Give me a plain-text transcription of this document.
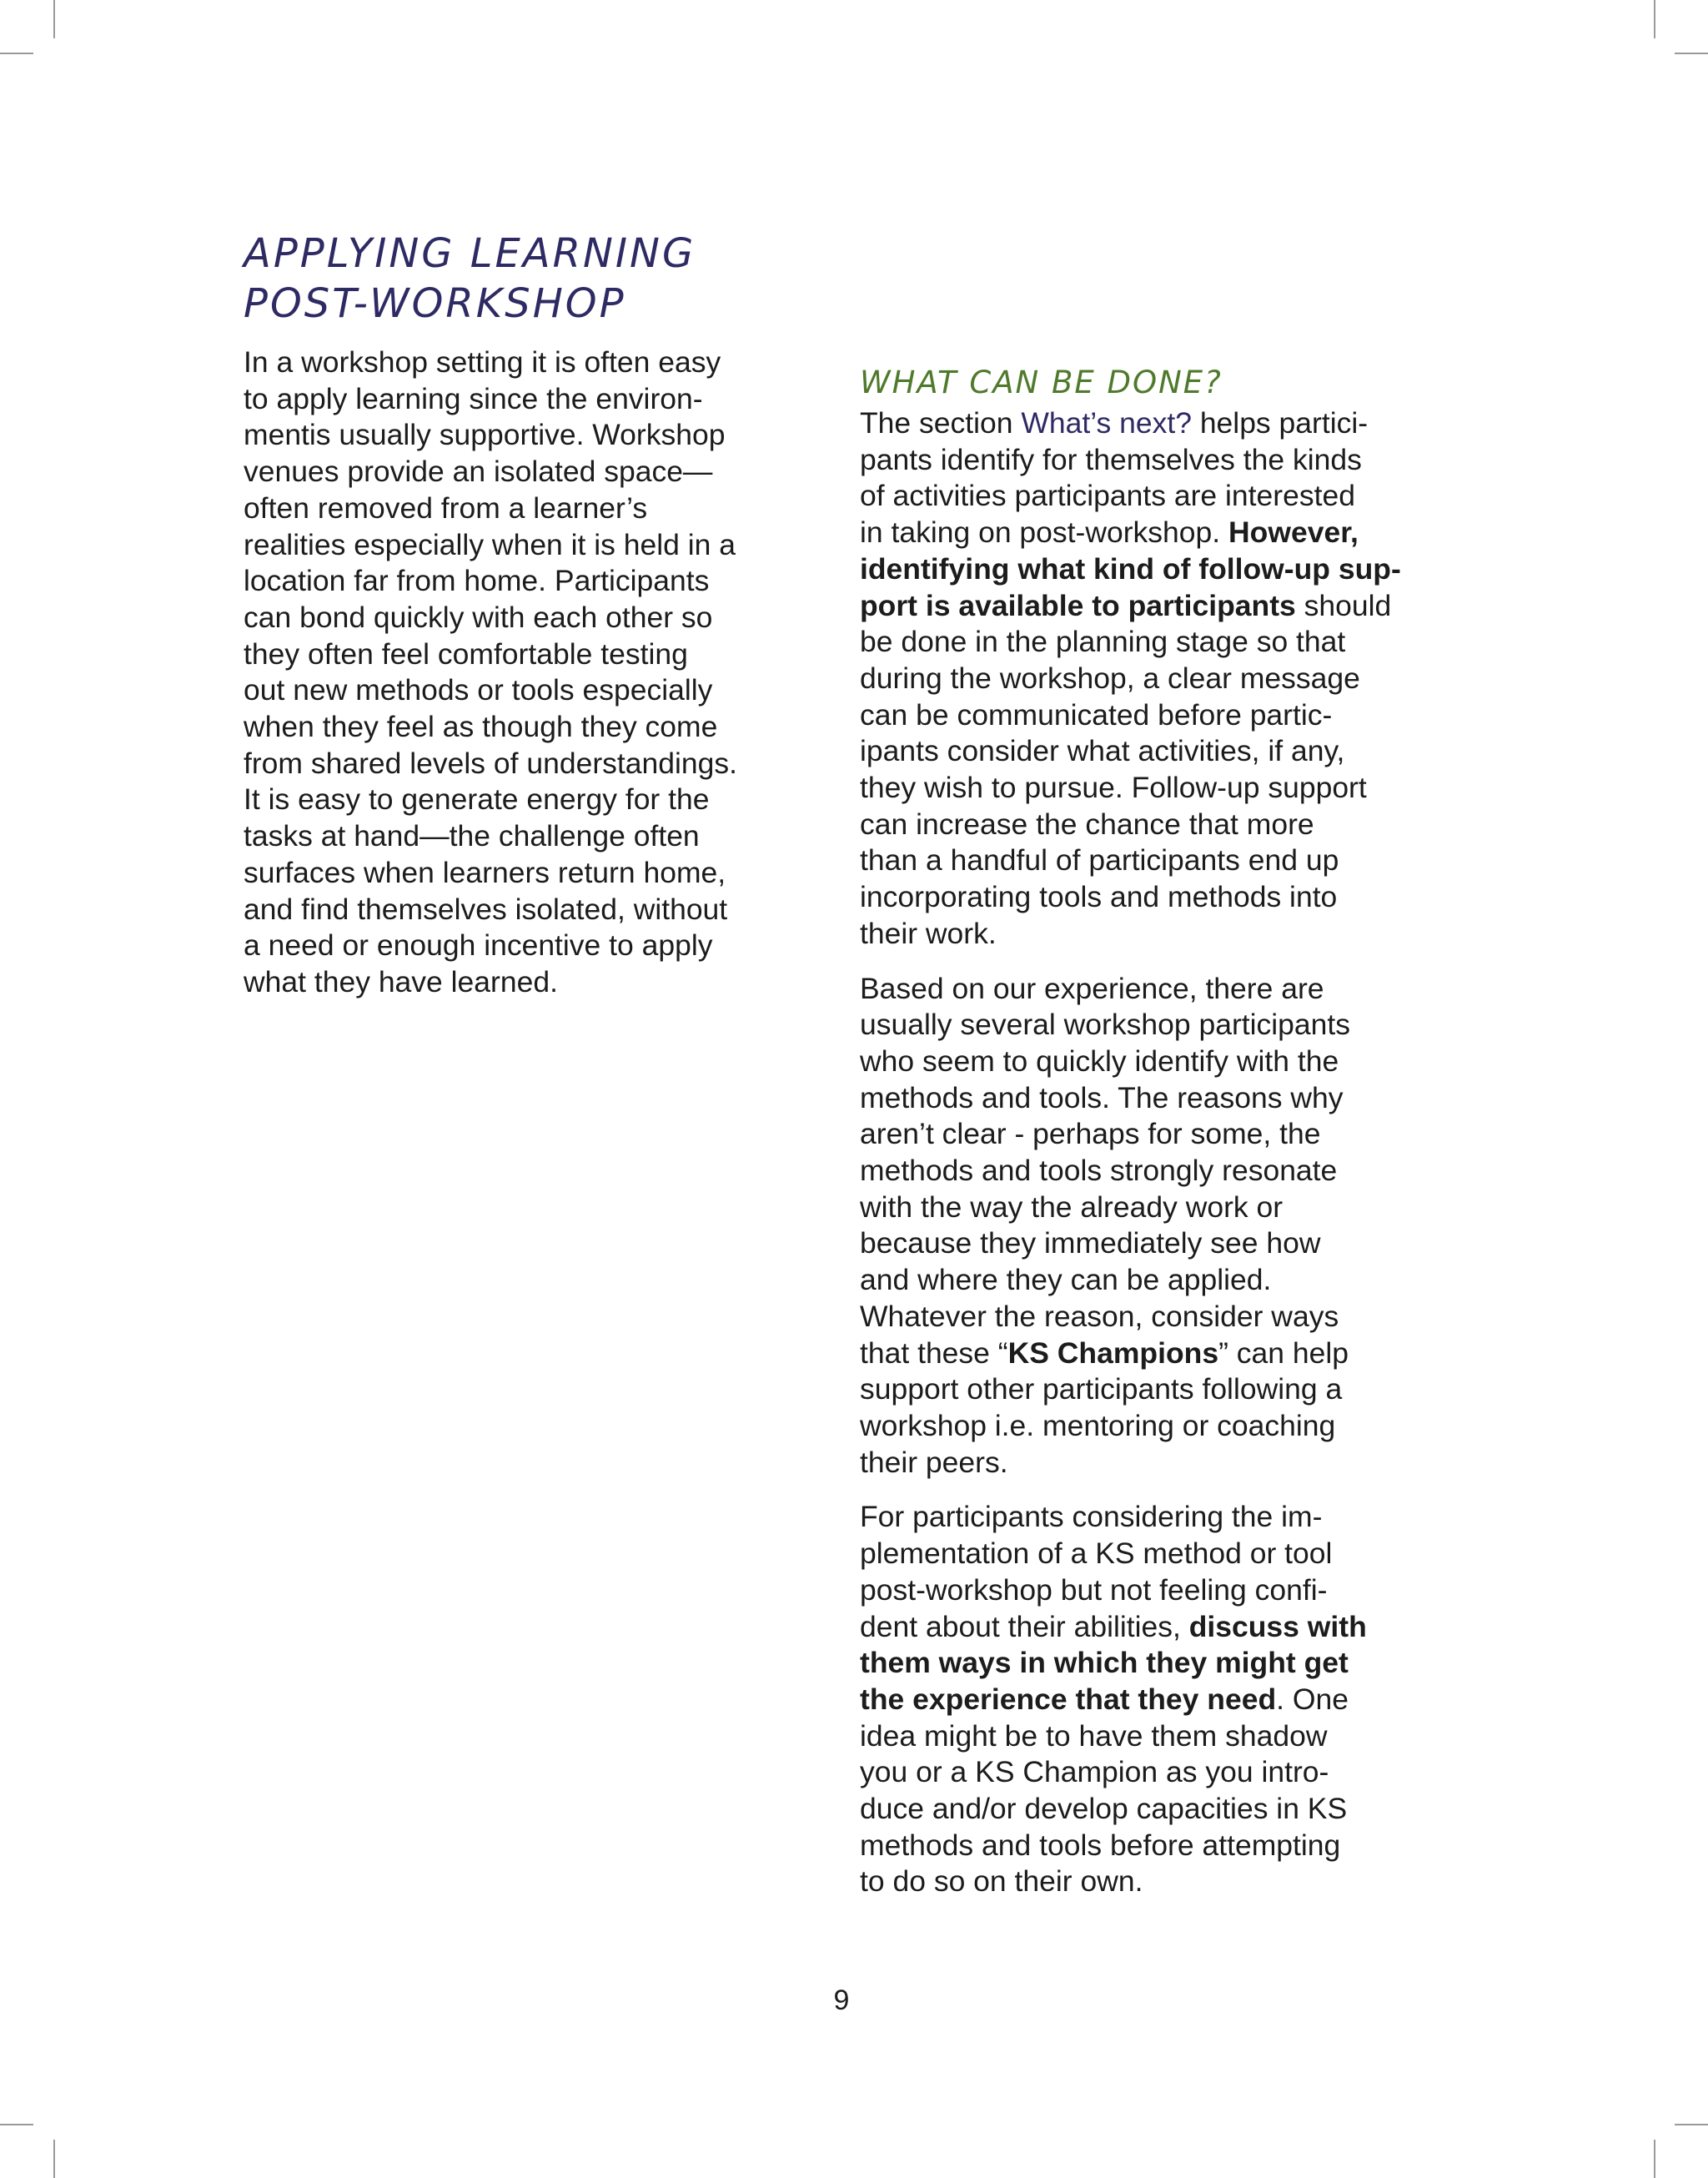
APPLYING LEARNING
POST-WORKSHOP

In a workshop setting it is often easy
to apply learning since the environ-
mentis usually supportive. Workshop
venues provide an isolated space—
often removed from a learner’s
realities especially when it is held in a
location far from home. Participants
can bond quickly with each other so
they often feel comfortable testing
out new methods or tools especially
when they feel as though they come
from shared levels of understandings.
It is easy to generate energy for the
tasks at hand—the challenge often
surfaces when learners return home,
and find themselves isolated, without
a need or enough incentive to apply
what they have learned.

WHAT CAN BE DONE?

The section What’s next? helps partici-
pants identify for themselves the kinds
of activities participants are interested
in taking on post-workshop. However,
identifying what kind of follow-up sup-
port is available to participants should
be done in the planning stage so that
during the workshop, a clear message
can be communicated before partic-
ipants consider what activities, if any,
they wish to pursue. Follow-up support
can increase the chance that more
than a handful of participants end up
incorporating tools and methods into
their work.

Based on our experience, there are
usually several workshop participants
who seem to quickly identify with the
methods and tools. The reasons why
aren’t clear - perhaps for some, the
methods and tools strongly resonate
with the way the already work or
because they immediately see how
and where they can be applied.
Whatever the reason, consider ways
that these “KS Champions” can help
support other participants following a
workshop i.e. mentoring or coaching
their peers.

For participants considering the im-
plementation of a KS method or tool
post-workshop but not feeling confi-
dent about their abilities, discuss with
them ways in which they might get
the experience that they need. One
idea might be to have them shadow
you or a KS Champion as you intro-
duce and/or develop capacities in KS
methods and tools before attempting
to do so on their own.

9
